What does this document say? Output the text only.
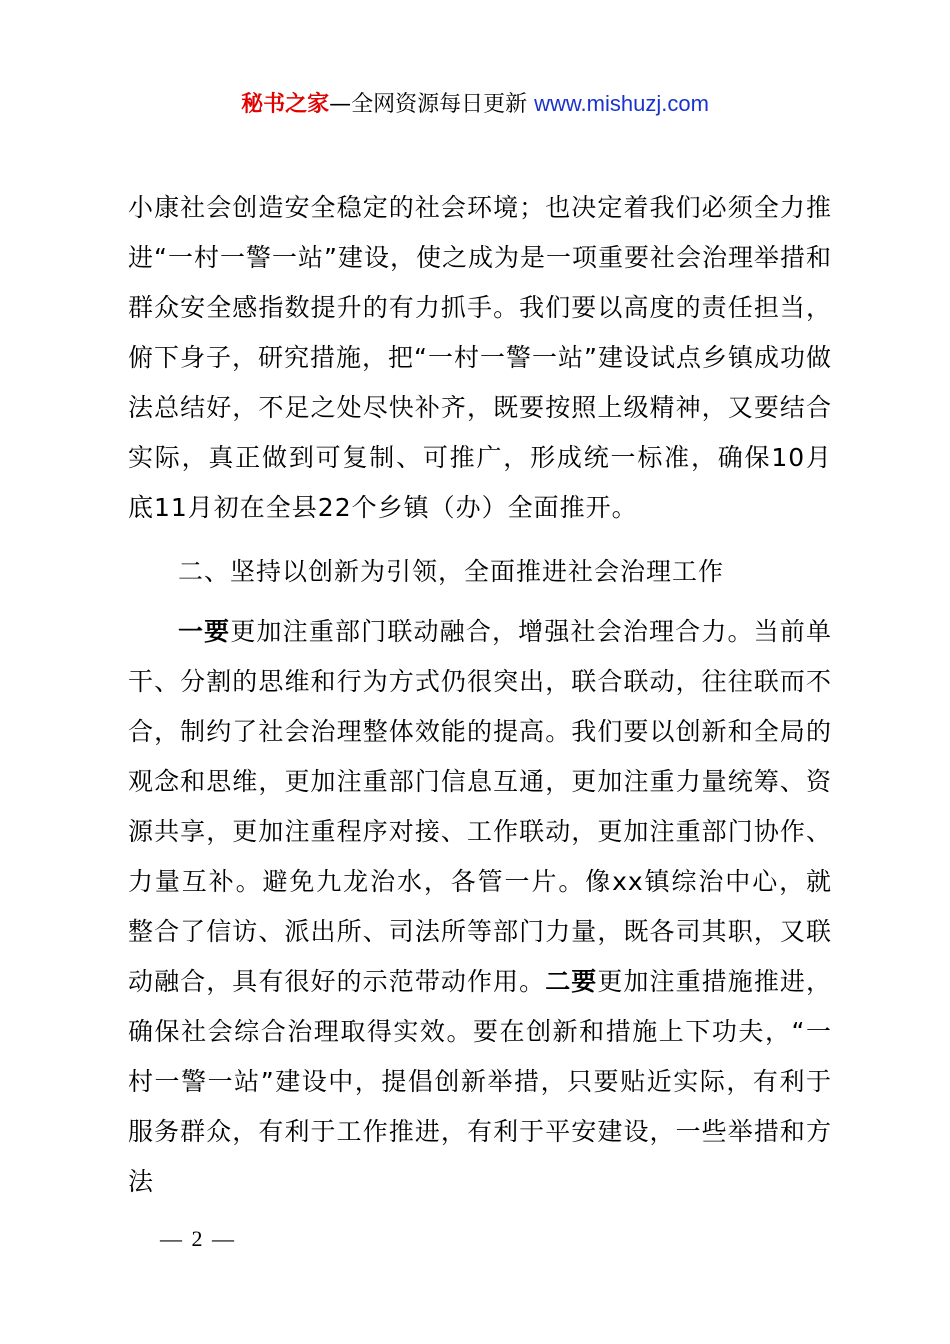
秘书之家—全网资源每日更新 www.mishuzj.com

小康社会创造安全稳定的社会环境；也决定着我们必须全力推进“一村一警一站”建设，使之成为是一项重要社会治理举措和群众安全感指数提升的有力抓手。我们要以高度的责任担当，俯下身子，研究措施，把“一村一警一站”建设试点乡镇成功做法总结好，不足之处尽快补齐，既要按照上级精神，又要结合实际，真正做到可复制、可推广，形成统一标准，确保10月底11月初在全县22个乡镇（办）全面推开。

二、坚持以创新为引领，全面推进社会治理工作

一要更加注重部门联动融合，增强社会治理合力。当前单干、分割的思维和行为方式仍很突出，联合联动，往往联而不合，制约了社会治理整体效能的提高。我们要以创新和全局的观念和思维，更加注重部门信息互通，更加注重力量统筹、资源共享，更加注重程序对接、工作联动，更加注重部门协作、力量互补。避免九龙治水，各管一片。像xx镇综治中心，就整合了信访、派出所、司法所等部门力量，既各司其职，又联动融合，具有很好的示范带动作用。二要更加注重措施推进，确保社会综合治理取得实效。要在创新和措施上下功夫，“一村一警一站”建设中，提倡创新举措，只要贴近实际，有利于服务群众，有利于工作推进，有利于平安建设，一些举措和方法

— 2 —
